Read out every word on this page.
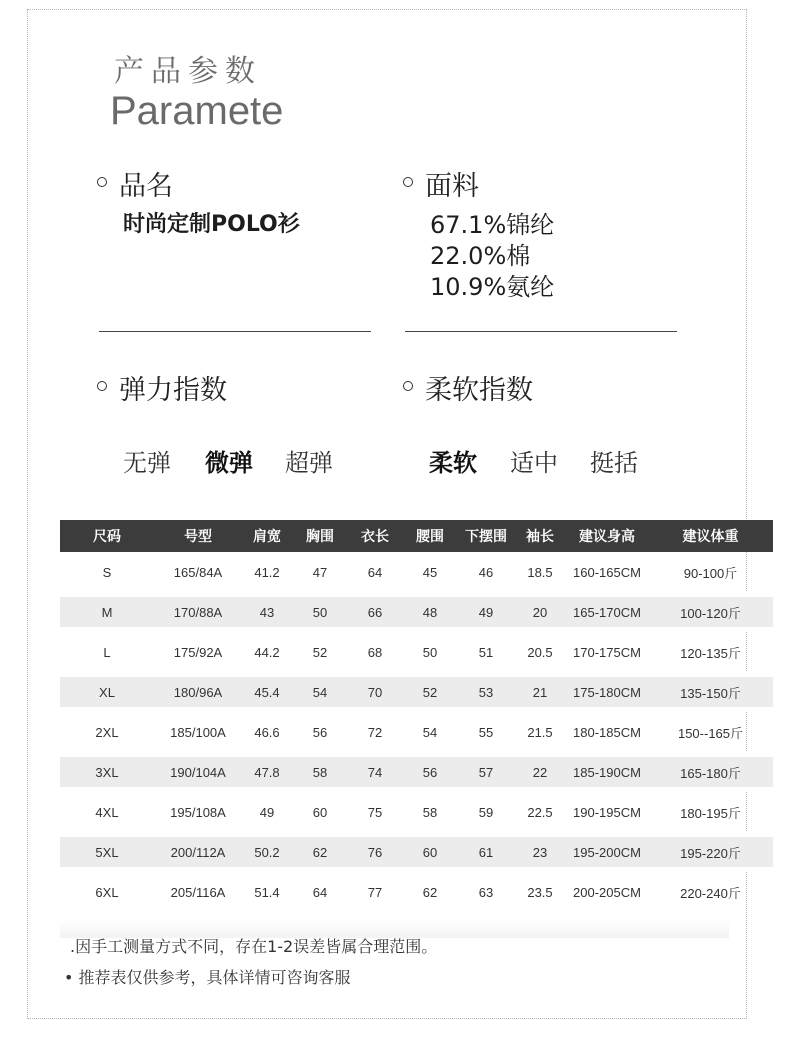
产品参数
Paramete
品名
时尚定制POLO衫
面料
67.1%锦纶
22.0%棉
10.9%氨纶
弹力指数
无弹 微弹 超弹
柔软指数
柔软 适中 挺括
尺码	号型	肩宽	胸围	衣长	腰围	下摆围	袖长	建议身高	建议体重
S	165/84A	41.2	47	64	45	46	18.5	160-165CM	90-100斤
M	170/88A	43	50	66	48	49	20	165-170CM	100-120斤
L	175/92A	44.2	52	68	50	51	20.5	170-175CM	120-135斤
XL	180/96A	45.4	54	70	52	53	21	175-180CM	135-150斤
2XL	185/100A	46.6	56	72	54	55	21.5	180-185CM	150--165斤
3XL	190/104A	47.8	58	74	56	57	22	185-190CM	165-180斤
4XL	195/108A	49	60	75	58	59	22.5	190-195CM	180-195斤
5XL	200/112A	50.2	62	76	60	61	23	195-200CM	195-220斤
6XL	205/116A	51.4	64	77	62	63	23.5	200-205CM	220-240斤
.因手工测量方式不同，存在1-2误差皆属合理范围。
• 推荐表仅供参考，具体详情可咨询客服
